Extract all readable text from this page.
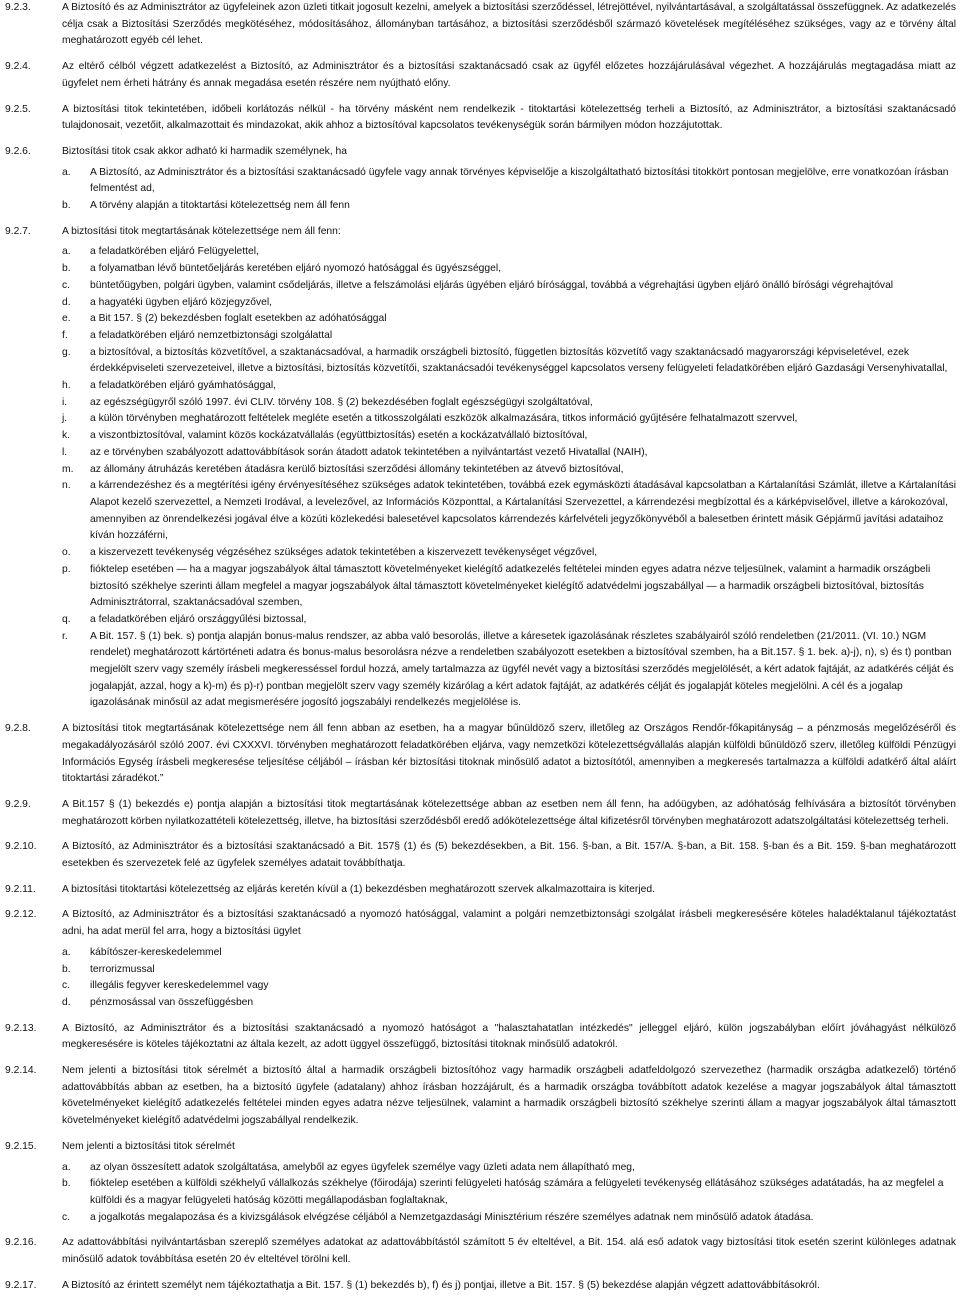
9.2.3.	A Biztosító és az Adminisztrátor az ügyfeleinek azon üzleti titkait jogosult kezelni, amelyek a biztosítási szerződéssel, létrejöttével, nyilvántartásával, a szolgáltatással összefüggnek. Az adatkezelés célja csak a Biztosítási Szerződés megkötéséhez, módosításához, állományban tartásához, a biztosítási szerződésből származó követelések megítéléséhez szükséges, vagy az e törvény által meghatározott egyéb cél lehet.
9.2.4.	Az eltérő célból végzett adatkezelést a Biztosító, az Adminisztrátor és a biztosítási szaktanácsadó csak az ügyfél előzetes hozzájárulásával végezhet. A hozzájárulás megtagadása miatt az ügyfelet nem érheti hátrány és annak megadása esetén részére nem nyújtható előny.
9.2.5.	A biztosítási titok tekintetében, időbeli korlátozás nélkül - ha törvény másként nem rendelkezik - titoktartási kötelezettség terheli a Biztosító, az Adminisztrátor, a biztosítási szaktanácsadó tulajdonosait, vezetőit, alkalmazottait és mindazokat, akik ahhoz a biztosítóval kapcsolatos tevékenységük során bármilyen módon hozzájutottak.
9.2.6.	Biztosítási titok csak akkor adható ki harmadik személynek, ha
a.	A Biztosító, az Adminisztrátor és a biztosítási szaktanácsadó ügyfele vagy annak törvényes képviselője a kiszolgáltatható biztosítási titokkört pontosan megjelölve, erre vonatkozóan írásban felmentést ad,
b.	A törvény alapján a titoktartási kötelezettség nem áll fenn
9.2.7.	A biztosítási titok megtartásának kötelezettsége nem áll fenn:
a.	a feladatkörében eljáró Felügyelettel,
b.	a folyamatban lévő büntetőeljárás keretében eljáró nyomozó hatósággal és ügyészséggel,
c.	büntetőügyben, polgári ügyben, valamint csődeljárás, illetve a felszámolási eljárás ügyében eljáró bírósággal, továbbá a végrehajtási ügyben eljáró önálló bírósági végrehajtóval
d.	a hagyatéki ügyben eljáró közjegyzővel,
e.	a Bit 157. § (2) bekezdésben foglalt esetekben az adóhatósággal
f.	a feladatkörében eljáró nemzetbiztonsági szolgálattal
g.	a biztosítóval, a biztosítás közvetítővel, a szaktanácsadóval, a harmadik országbeli biztosító, független biztosítás közvetítő vagy szaktanácsadó magyarországi képviseletével, ezek érdekképviseleti szervezeteivel, illetve a biztosítási, biztosítás közvetítői, szaktanácsadói tevékenységgel kapcsolatos verseny felügyeleti feladatkörében eljáró Gazdasági Versenyhivatallal,
h.	a feladatkörében eljáró gyámhatósággal,
i.	az egészségügyről szóló 1997. évi CLIV. törvény 108. § (2) bekezdésében foglalt egészségügyi szolgáltatóval,
j.	a külön törvényben meghatározott feltételek megléte esetén a titkosszolgálati eszközök alkalmazására, titkos információ gyűjtésére felhatalmazott szervvel,
k.	a viszontbiztosítóval, valamint közös kockázatvállalás (együttbiztosítás) esetén a kockázatvállaló biztosítóval,
l.	az e törvényben szabályozott adattovábbítások során átadott adatok tekintetében a nyilvántartást vezető Hivatallal (NAIH),
m.	az állomány átruházás keretében átadásra kerülő biztosítási szerződési állomány tekintetében az átvevő biztosítóval,
n.	a kárrendezéshez és a megtérítési igény érvényesítéséhez szükséges adatok tekintetében, továbbá ezek egymásközti átadásával kapcsolatban a Kártalanítási Számlát, illetve a Kártalanítási Alapot kezelő szervezettel, a Nemzeti Irodával, a levelezővel, az Információs Központtal, a Kártalanítási Szervezettel, a kárrendezési megbízottal és a kárképviselővel, illetve a károkozóval, amennyiben az önrendelkezési jogával élve a közúti közlekedési balesetével kapcsolatos kárrendezés kárfelvételi jegyzőkönyvéből a balesetben érintett másik Gépjármű javítási adataihoz kíván hozzáférni,
o.	a kiszervezett tevékenység végzéséhez szükséges adatok tekintetében a kiszervezett tevékenységet végzővel,
p.	fióktelep esetében — ha a magyar jogszabályok által támasztott követelményeket kielégítő adatkezelés feltételei minden egyes adatra nézve teljesülnek, valamint a harmadik országbeli biztosító székhelye szerinti állam megfelel a magyar jogszabályok által támasztott követelményeket kielégítő adatvédelmi jogszabállyal — a harmadik országbeli biztosítóval, biztosítás Adminisztrátorral, szaktanácsadóval szemben,
q.	a feladatkörében eljáró országgyűlési biztossal,
r.	A Bit. 157. § (1) bek. s) pontja alapján bonus-malus rendszer, az abba való besorolás, illetve a káresetek igazolásának részletes szabályairól szóló rendeletben (21/2011. (VI. 10.) NGM rendelet) meghatározott kártörténeti adatra és bonus-malus besorolásra nézve a rendeletben szabályozott esetekben a biztosítóval szemben, ha a Bit.157. § 1. bek. a)-j), n), s) és t) pontban megjelölt szerv vagy személy írásbeli megkeresséssel fordul hozzá, amely tartalmazza az ügyfél nevét vagy a biztosítási szerződés megjelölését, a kért adatok fajtáját, az adatkérés célját és jogalapját, azzal, hogy a k)-m) és p)-r) pontban megjelölt szerv vagy személy kizárólag a kért adatok fajtáját, az adatkérés célját és jogalapját köteles megjelölni. A cél és a jogalap igazolásának minősül az adat megismerésére jogosító jogszabályi rendelkezés megjelölése is.
9.2.8.	A biztosítási titok megtartásának kötelezettsége nem áll fenn abban az esetben, ha a magyar bűnüldöző szerv, illetőleg az Országos Rendőr-főkapitányság – a pénzmosás megelőzéséről és megakadályozásáról szóló 2007. évi CXXXVI. törvényben meghatározott feladatkörében eljárva, vagy nemzetközi kötelezettségvállalás alapján külföldi bűnüldöző szerv, illetőleg külföldi Pénzügyi Információs Egység írásbeli megkeresése teljesítése céljából – írásban kér biztosítási titoknak minősülő adatot a biztosítótól, amennyiben a megkeresés tartalmazza a külföldi adatkérő által aláírt titoktartási záradékot.”
9.2.9.	A Bit.157 § (1) bekezdés e) pontja alapján a biztosítási titok megtartásának kötelezettsége abban az esetben nem áll fenn, ha adóügyben, az adóhatóság felhívására a biztosítót törvényben meghatározott körben nyilatkozattételi kötelezettség, illetve, ha biztosítási szerződésből eredő adókötelezettsége által kifizetésről törvényben meghatározott adatszolgáltatási kötelezettség terheli.
9.2.10.	A Biztosító, az Adminisztrátor és a biztosítási szaktanácsadó a Bit. 157§ (1) és (5) bekezdésekben, a Bit. 156. §-ban, a Bit. 157/A. §-ban, a Bit. 158. §-ban és a Bit. 159. §-ban meghatározott esetekben és szervezetek felé az ügyfelek személyes adatait továbbíthatja.
9.2.11.	A biztosítási titoktartási kötelezettség az eljárás keretén kívül a (1) bekezdésben meghatározott szervek alkalmazottaira is kiterjed.
9.2.12.	A Biztosító, az Adminisztrátor és a biztosítási szaktanácsadó a nyomozó hatósággal, valamint a polgári nemzetbiztonsági szolgálat írásbeli megkeresésére köteles haladéktalanul tájékoztatást adni, ha adat merül fel arra, hogy a biztosítási ügylet
a.	kábítószer-kereskedelemmel
b.	terrorizmussal
c.	illegális fegyver kereskedelemmel vagy
d.	pénzmosással van összefüggésben
9.2.13.	A Biztosító, az Adminisztrátor és a biztosítási szaktanácsadó a nyomozó hatóságot a "halasztahatatlan intézkedés" jelleggel eljáró, külön jogszabályban előírt jóváhagyást nélkülöző megkeresésére is köteles tájékoztatni az általa kezelt, az adott üggyel összefüggő, biztosítási titoknak minősülő adatokról.
9.2.14.	Nem jelenti a biztosítási titok sérelmét a biztosító által a harmadik országbeli biztosítóhoz vagy harmadik országbeli adatfeldolgozó szervezethez (harmadik országba adatkezelő) történő adattovábbítás abban az esetben, ha a biztosító ügyfele (adatalany) ahhoz írásban hozzájárult, és a harmadik országba továbbított adatok kezelése a magyar jogszabályok által támasztott követelményeket kielégítő adatkezelés feltételei minden egyes adatra nézve teljesülnek, valamint a harmadik országbeli biztosító székhelye szerinti állam a magyar jogszabályok által támasztott követelményeket kielégítő adatvédelmi jogszabállyal rendelkezik.
9.2.15.	Nem jelenti a biztosítási titok sérelmét
a.	az olyan összesített adatok szolgáltatása, amelyből az egyes ügyfelek személye vagy üzleti adata nem állapítható meg,
b.	fióktelep esetében a külföldi székhelyű vállalkozás székhelye (főirodája) szerinti felügyeleti hatóság számára a felügyeleti tevékenység ellátásához szükséges adatátadás, ha az megfelel a külföldi és a magyar felügyeleti hatóság közötti megállapodásban foglaltaknak,
c.	a jogalkotás megalapozása és a kivizsgálások elvégzése céljából a Nemzetgazdasági Minisztérium részére személyes adatnak nem minősülő adatok átadása.
9.2.16.	Az adattovábbítási nyilvántartásban szereplő személyes adatokat az adattovábbítástól számított 5 év elteltével, a Bit. 154. alá eső adatok vagy biztosítási titok esetén szerint különleges adatnak minősülő adatok továbbítása esetén 20 év elteltével törölni kell.
9.2.17.	A Biztosító az érintett személyt nem tájékoztathatja a Bit. 157. § (1) bekezdés b), f) és j) pontjai, illetve a Bit. 157. § (5) bekezdése alapján végzett adattovábbításokról.
